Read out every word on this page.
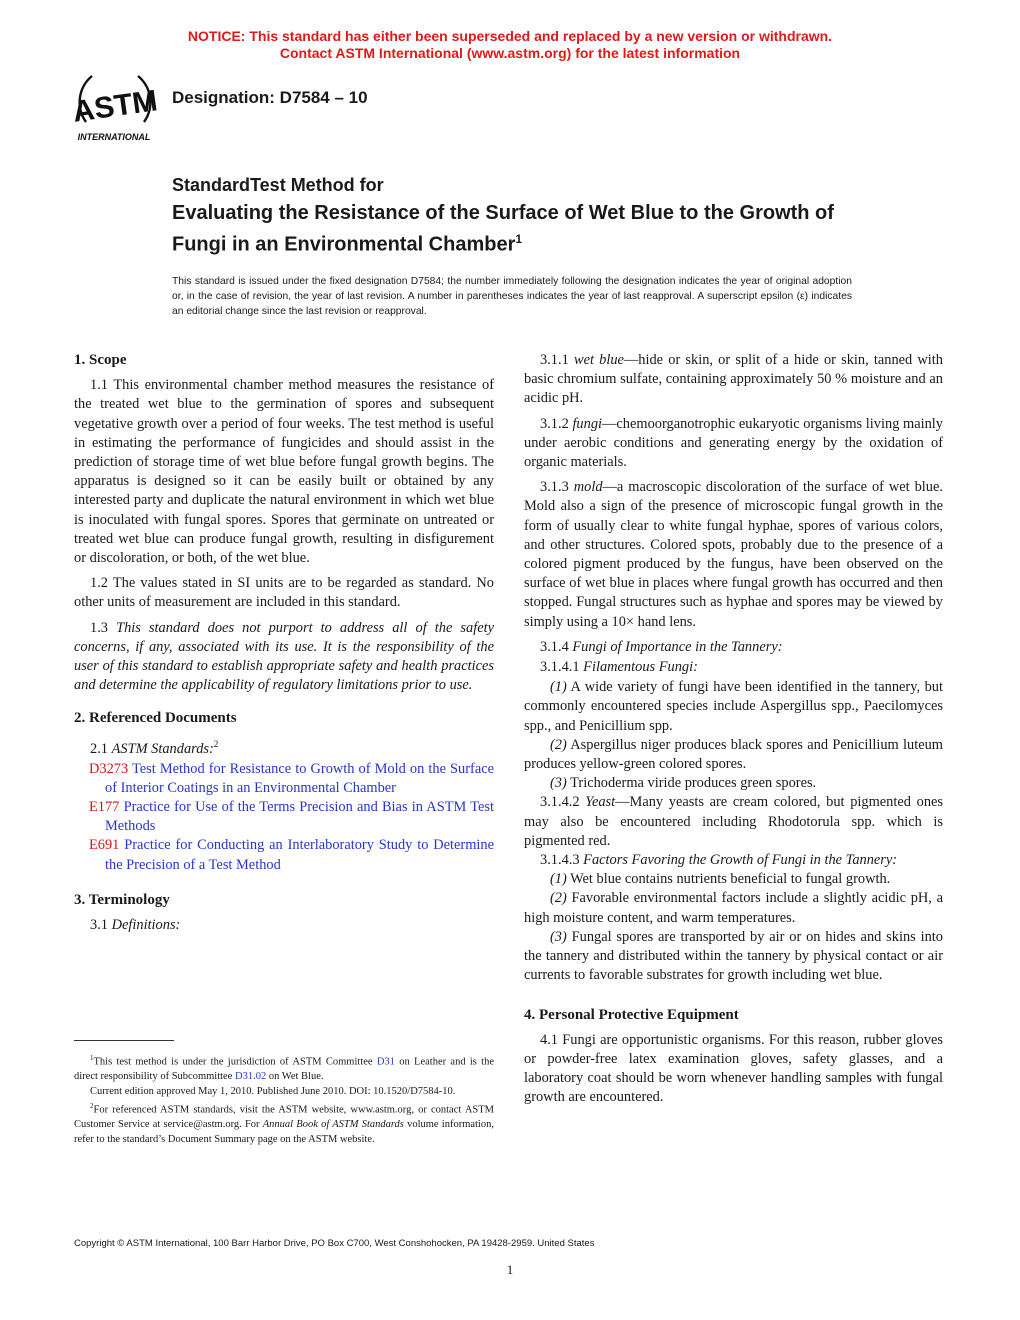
NOTICE: This standard has either been superseded and replaced by a new version or withdrawn.
Contact ASTM International (www.astm.org) for the latest information
ASTM
INTERNATIONAL
Designation: D7584 – 10
StandardTest Method for
Evaluating the Resistance of the Surface of Wet Blue to the Growth of Fungi in an Environmental Chamber$^1$
This standard is issued under the fixed designation D7584; the number immediately following the designation indicates the year of original adoption or, in the case of revision, the year of last revision. A number in parentheses indicates the year of last reapproval. A superscript epsilon (ε) indicates an editorial change since the last revision or reapproval.

1. Scope

1.1 This environmental chamber method measures the resistance of the treated wet blue to the germination of spores and subsequent vegetative growth over a period of four weeks. The test method is useful in estimating the performance of fungicides and should assist in the prediction of storage time of wet blue before fungal growth begins. The apparatus is designed so it can be easily built or obtained by any interested party and duplicate the natural environment in which wet blue is inoculated with fungal spores. Spores that germinate on untreated or treated wet blue can produce fungal growth, resulting in disfigurement or discoloration, or both, of the wet blue.

1.2 The values stated in SI units are to be regarded as standard. No other units of measurement are included in this standard.

1.3 This standard does not purport to address all of the safety concerns, if any, associated with its use. It is the responsibility of the user of this standard to establish appropriate safety and health practices and determine the applicability of regulatory limitations prior to use.

2. Referenced Documents

2.1 ASTM Standards:$^2$

D3273 Test Method for Resistance to Growth of Mold on the Surface of Interior Coatings in an Environmental Chamber

E177 Practice for Use of the Terms Precision and Bias in ASTM Test Methods

E691 Practice for Conducting an Interlaboratory Study to Determine the Precision of a Test Method

3. Terminology

3.1 Definitions:

$^1$This test method is under the jurisdiction of ASTM Committee D31 on Leather and is the direct responsibility of Subcommittee D31.02 on Wet Blue.

Current edition approved May 1, 2010. Published June 2010. DOI: 10.1520/D7584-10.

$^2$For referenced ASTM standards, visit the ASTM website, www.astm.org, or contact ASTM Customer Service at service@astm.org. For Annual Book of ASTM Standards volume information, refer to the standard’s Document Summary page on the ASTM website.

3.1.1 wet blue—hide or skin, or split of a hide or skin, tanned with basic chromium sulfate, containing approximately 50 % moisture and an acidic pH.

3.1.2 fungi—chemoorganotrophic eukaryotic organisms living mainly under aerobic conditions and generating energy by the oxidation of organic materials.

3.1.3 mold—a macroscopic discoloration of the surface of wet blue. Mold also a sign of the presence of microscopic fungal growth in the form of usually clear to white fungal hyphae, spores of various colors, and other structures. Colored spots, probably due to the presence of a colored pigment produced by the fungus, have been observed on the surface of wet blue in places where fungal growth has occurred and then stopped. Fungal structures such as hyphae and spores may be viewed by simply using a 10× hand lens.

3.1.4 Fungi of Importance in the Tannery:

3.1.4.1 Filamentous Fungi:

(1) A wide variety of fungi have been identified in the tannery, but commonly encountered species include Aspergillus spp., Paecilomyces spp., and Penicillium spp.

(2) Aspergillus niger produces black spores and Penicillium luteum produces yellow-green colored spores.

(3) Trichoderma viride produces green spores.

3.1.4.2 Yeast—Many yeasts are cream colored, but pigmented ones may also be encountered including Rhodotorula spp. which is pigmented red.

3.1.4.3 Factors Favoring the Growth of Fungi in the Tannery:

(1) Wet blue contains nutrients beneficial to fungal growth.

(2) Favorable environmental factors include a slightly acidic pH, a high moisture content, and warm temperatures.

(3) Fungal spores are transported by air or on hides and skins into the tannery and distributed within the tannery by physical contact or air currents to favorable substrates for growth including wet blue.

4. Personal Protective Equipment

4.1 Fungi are opportunistic organisms. For this reason, rubber gloves or powder-free latex examination gloves, safety glasses, and a laboratory coat should be worn whenever handling samples with fungal growth are encountered.

Copyright © ASTM International, 100 Barr Harbor Drive, PO Box C700, West Conshohocken, PA 19428-2959. United States
1
